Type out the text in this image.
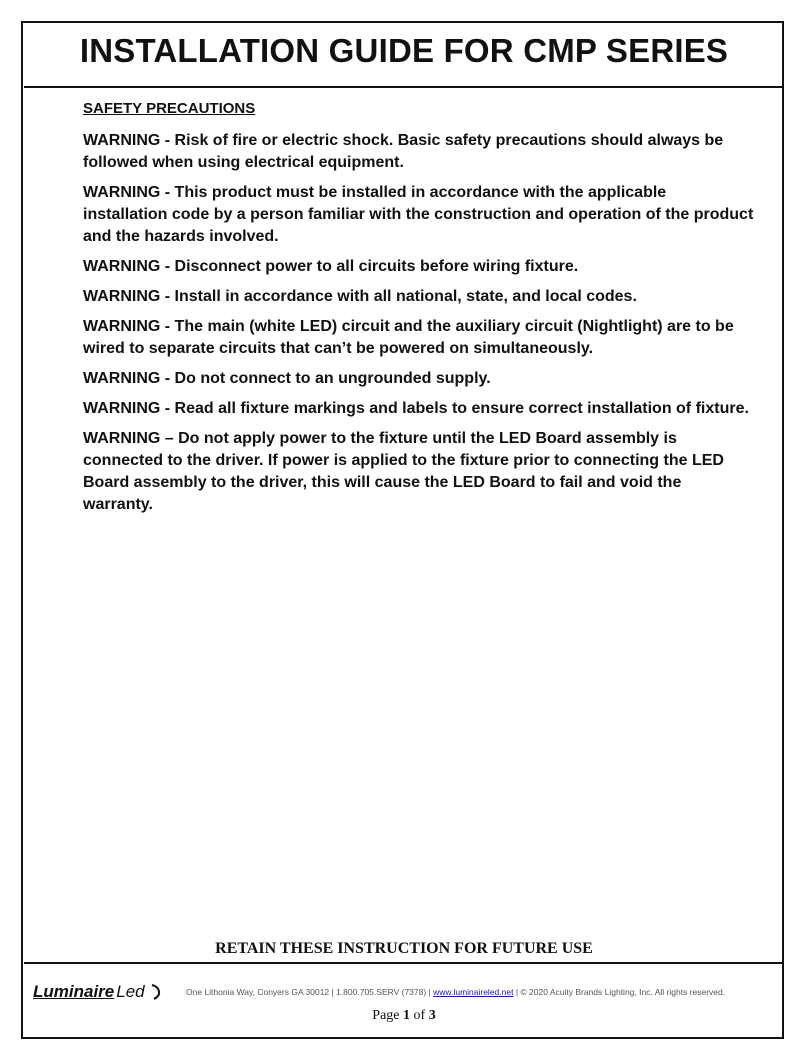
INSTALLATION GUIDE FOR CMP SERIES
SAFETY PRECAUTIONS

WARNING - Risk of fire or electric shock. Basic safety precautions should always be followed when using electrical equipment.

WARNING - This product must be installed in accordance with the applicable installation code by a person familiar with the construction and operation of the product and the hazards involved.

WARNING - Disconnect power to all circuits before wiring fixture.

WARNING - Install in accordance with all national, state, and local codes.

WARNING - The main (white LED) circuit and the auxiliary circuit (Nightlight) are to be wired to separate circuits that can’t be powered on simultaneously.

WARNING - Do not connect to an ungrounded supply.

WARNING - Read all fixture markings and labels to ensure correct installation of fixture.

WARNING – Do not apply power to the fixture until the LED Board assembly is connected to the driver. If power is applied to the fixture prior to connecting the LED Board assembly to the driver, this will cause the LED Board to fail and void the warranty.

RETAIN THESE INSTRUCTION FOR FUTURE USE

Luminaire Led	One Lithonia Way, Conyers GA 30012 | 1.800.705.SERV (7378) | www.luminaireled.net | © 2020 Acuity Brands Lighting, Inc. All rights reserved.
Page 1 of 3
